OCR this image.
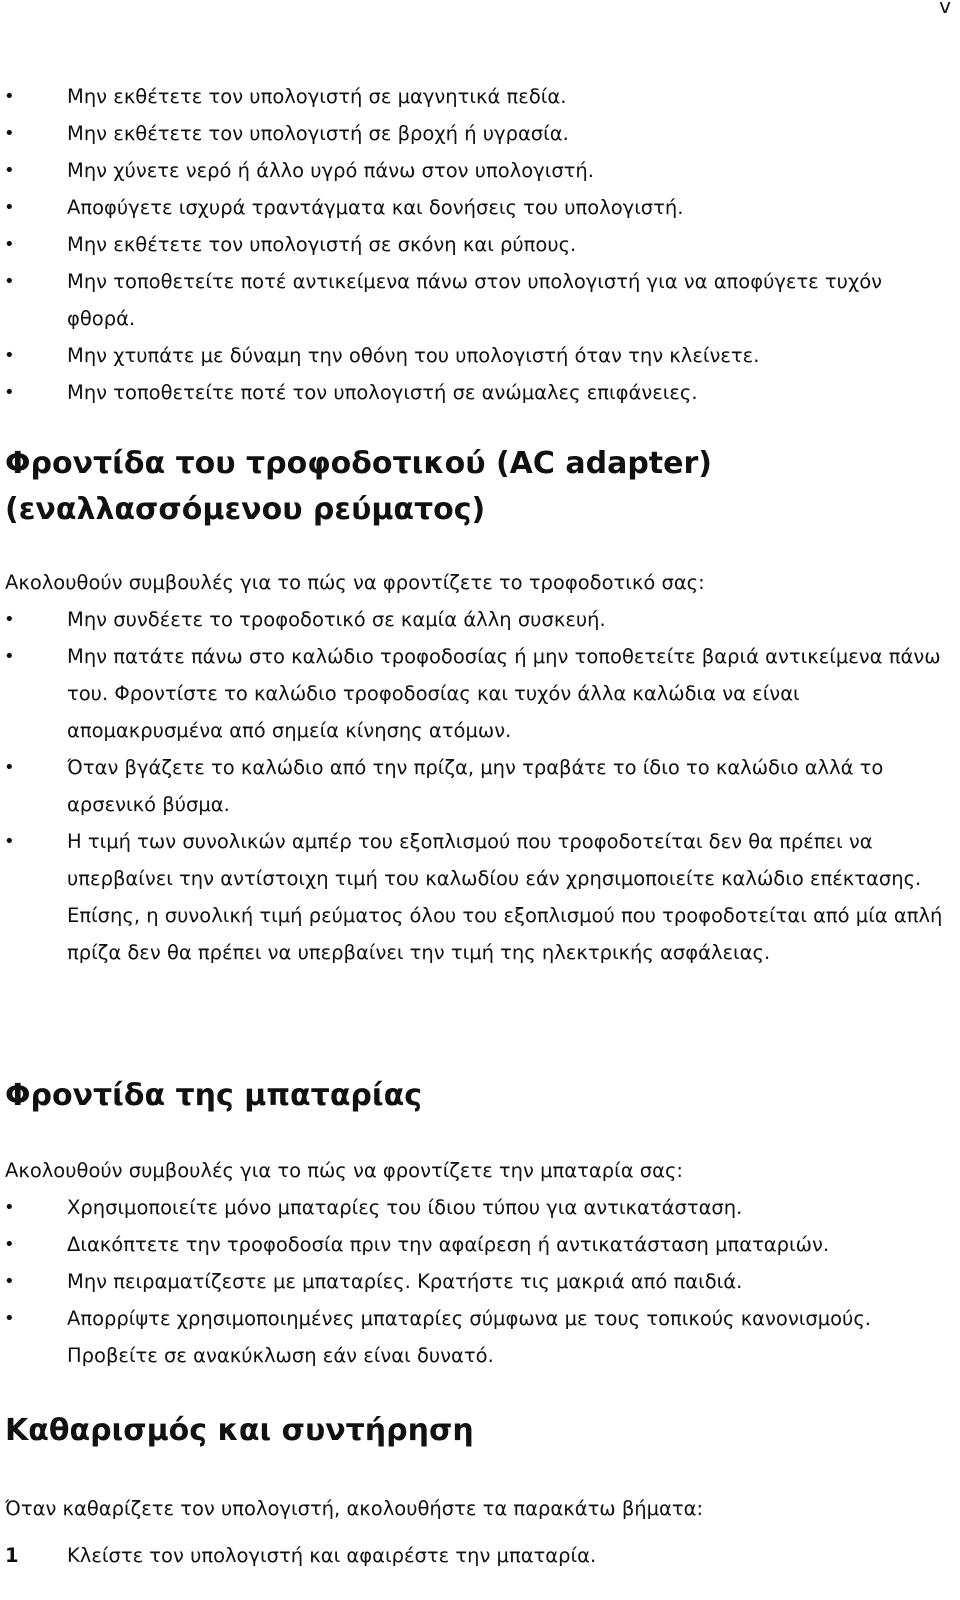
v
•	Μην εκθέτετε τον υπολογιστή σε μαγνητικά πεδία.
•	Μην εκθέτετε τον υπολογιστή σε βροχή ή υγρασία.
•	Μην χύνετε νερό ή άλλο υγρό πάνω στον υπολογιστή.
•	Αποφύγετε ισχυρά τραντάγματα και δονήσεις του υπολογιστή.
•	Μην εκθέτετε τον υπολογιστή σε σκόνη και ρύπους.
•	Μην τοποθετείτε ποτέ αντικείμενα πάνω στον υπολογιστή για να αποφύγετε τυχόν φθορά.
•	Μην χτυπάτε με δύναμη την οθόνη του υπολογιστή όταν την κλείνετε.
•	Μην τοποθετείτε ποτέ τον υπολογιστή σε ανώμαλες επιφάνειες.
Φροντίδα του τροφοδοτικού (AC adapter) (εναλλασσόμενου ρεύματος)

Ακολουθούν συμβουλές για το πώς να φροντίζετε το τροφοδοτικό σας:

•	Μην συνδέετε το τροφοδοτικό σε καμία άλλη συσκευή.
•	Μην πατάτε πάνω στο καλώδιο τροφοδοσίας ή μην τοποθετείτε βαριά αντικείμενα πάνω του. Φροντίστε το καλώδιο τροφοδοσίας και τυχόν άλλα καλώδια να είναι απομακρυσμένα από σημεία κίνησης ατόμων.
•	Όταν βγάζετε το καλώδιο από την πρίζα, μην τραβάτε το ίδιο το καλώδιο αλλά το αρσενικό βύσμα.
•	Η τιμή των συνολικών αμπέρ του εξοπλισμού που τροφοδοτείται δεν θα πρέπει να υπερβαίνει την αντίστοιχη τιμή του καλωδίου εάν χρησιμοποιείτε καλώδιο επέκτασης. Επίσης, η συνολική τιμή ρεύματος όλου του εξοπλισμού που τροφοδοτείται από μία απλή πρίζα δεν θα πρέπει να υπερβαίνει την τιμή της ηλεκτρικής ασφάλειας.
Φροντίδα της μπαταρίας

Ακολουθούν συμβουλές για το πώς να φροντίζετε την μπαταρία σας:

•	Χρησιμοποιείτε μόνο μπαταρίες του ίδιου τύπου για αντικατάσταση.
•	Διακόπτετε την τροφοδοσία πριν την αφαίρεση ή αντικατάσταση μπαταριών.
•	Μην πειραματίζεστε με μπαταρίες. Κρατήστε τις μακριά από παιδιά.
•	Απορρίψτε χρησιμοποιημένες μπαταρίες σύμφωνα με τους τοπικούς κανονισμούς. Προβείτε σε ανακύκλωση εάν είναι δυνατό.
Καθαρισμός και συντήρηση

Όταν καθαρίζετε τον υπολογιστή, ακολουθήστε τα παρακάτω βήματα:

1 Κλείστε τον υπολογιστή και αφαιρέστε την μπαταρία.
